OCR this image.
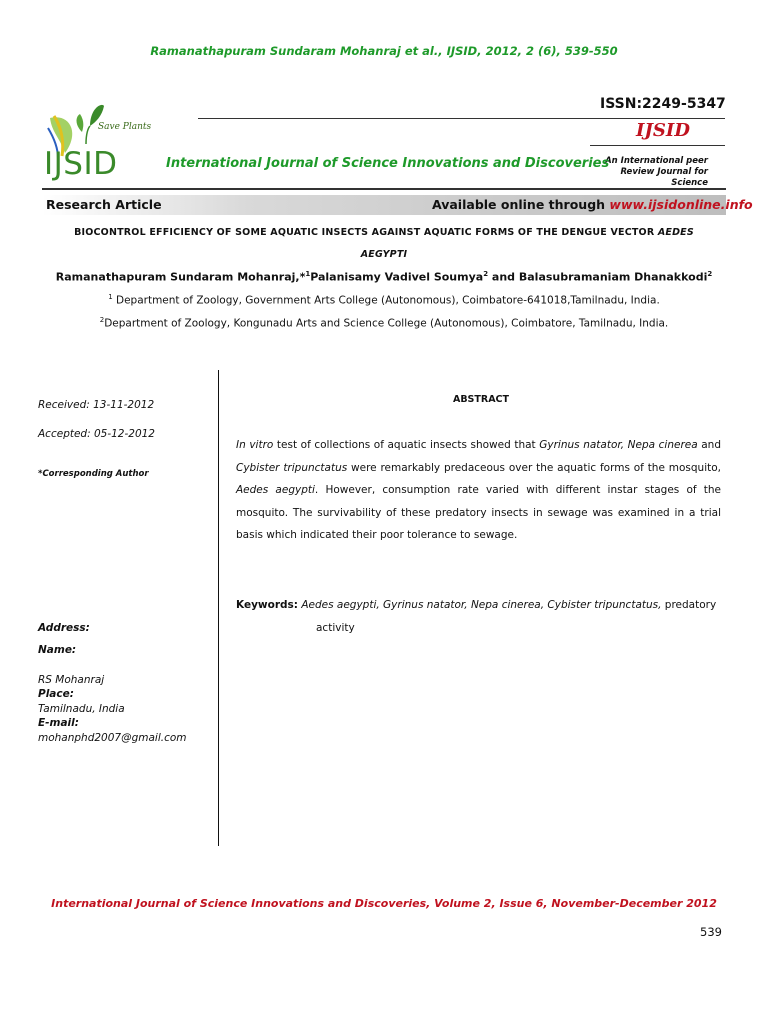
Ramanathapuram Sundaram Mohanraj et al., IJSID, 2012, 2 (6), 539-550
Save Plants
IJSID
ISSN:2249-5347
IJSID
An International peer
Review Journal for Science
International Journal of Science Innovations and Discoveries
Research Article	Available online through www.ijsidonline.info
BIOCONTROL EFFICIENCY OF SOME AQUATIC INSECTS AGAINST AQUATIC FORMS OF THE DENGUE VECTOR AEDES
AEGYPTI
Ramanathapuram Sundaram Mohanraj,*$^1$Palanisamy Vadivel Soumya$^2$ and Balasubramaniam Dhanakkodi$^2$
$^1$ Department of Zoology, Government Arts College (Autonomous), Coimbatore-641018,Tamilnadu, India.
$^2$Department of Zoology, Kongunadu Arts and Science College (Autonomous), Coimbatore, Tamilnadu, India.
Received: 13-11-2012
Accepted: 05-12-2012
*Corresponding Author
Address:
Name:
RS Mohanraj
Place:
Tamilnadu, India
E-mail:
mohanphd2007@gmail.com
ABSTRACT
In vitro test of collections of aquatic insects showed that Gyrinus natator, Nepa cinerea and Cybister tripunctatus were remarkably predaceous over the aquatic forms of the mosquito, Aedes aegypti. However, consumption rate varied with different instar stages of the mosquito. The survivability of these predatory insects in sewage was examined in a trial basis which indicated their poor tolerance to sewage.
Keywords: Aedes aegypti, Gyrinus natator, Nepa cinerea, Cybister tripunctatus, predatory
activity
International Journal of Science Innovations and Discoveries, Volume 2, Issue 6, November-December 2012
539
